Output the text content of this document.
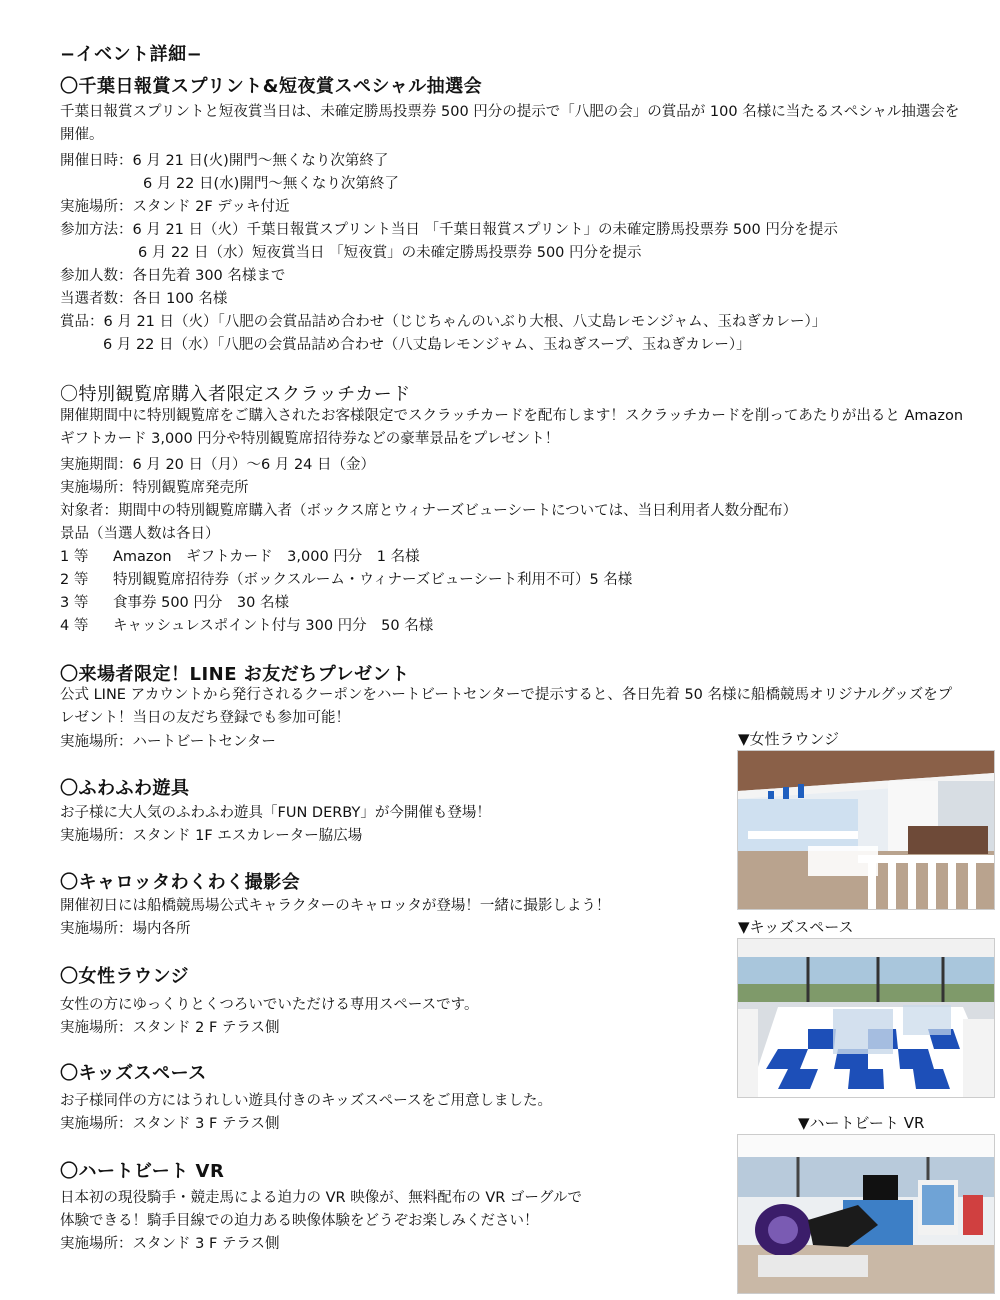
−イベント詳細−
〇千葉日報賞スプリント&短夜賞スペシャル抽選会
千葉日報賞スプリントと短夜賞当日は、未確定勝馬投票券 500 円分の提示で「八肥の会」の賞品が 100 名様に当たるスペシャル抽選会を開催。
開催日時：6 月 21 日(火)開門～無くなり次第終了
6 月 22 日(水)開門～無くなり次第終了
実施場所：スタンド 2F デッキ付近
参加方法：6 月 21 日（火）千葉日報賞スプリント当日 「千葉日報賞スプリント」の未確定勝馬投票券 500 円分を提示
6 月 22 日（水）短夜賞当日 「短夜賞」の未確定勝馬投票券 500 円分を提示
参加人数：各日先着 300 名様まで
当選者数：各日 100 名様
賞品：6 月 21 日（火）「八肥の会賞品詰め合わせ（じじちゃんのいぶり大根、八丈島レモンジャム、玉ねぎカレー）」
6 月 22 日（水）「八肥の会賞品詰め合わせ（八丈島レモンジャム、玉ねぎスープ、玉ねぎカレー）」
〇特別観覧席購入者限定スクラッチカード
開催期間中に特別観覧席をご購入されたお客様限定でスクラッチカードを配布します！スクラッチカードを削ってあたりが出ると Amazon ギフトカード 3,000 円分や特別観覧席招待券などの豪華景品をプレゼント！
実施期間：6 月 20 日（月）～6 月 24 日（金）
実施場所：特別観覧席発売所
対象者：期間中の特別観覧席購入者（ボックス席とウィナーズビューシートについては、当日利用者人数分配布）
景品（当選人数は各日）
1 等 Amazon　ギフトカード　3,000 円分　1 名様
2 等 特別観覧席招待券（ボックスルーム・ウィナーズビューシート利用不可）5 名様
3 等 食事券 500 円分　30 名様
4 等 キャッシュレスポイント付与 300 円分　50 名様
〇来場者限定！LINE お友だちプレゼント
公式 LINE アカウントから発行されるクーポンをハートビートセンターで提示すると、各日先着 50 名様に船橋競馬オリジナルグッズをプレゼント！当日の友だち登録でも参加可能！
実施場所：ハートビートセンター
〇ふわふわ遊具
お子様に大人気のふわふわ遊具「FUN DERBY」が今開催も登場！
実施場所：スタンド 1F エスカレーター脇広場
〇キャロッタわくわく撮影会
開催初日には船橋競馬場公式キャラクターのキャロッタが登場！一緒に撮影しよう！
実施場所：場内各所
〇女性ラウンジ
女性の方にゆっくりとくつろいでいただける専用スペースです。
実施場所：スタンド 2 F テラス側
〇キッズスペース
お子様同伴の方にはうれしい遊具付きのキッズスペースをご用意しました。
実施場所：スタンド 3 F テラス側
〇ハートビート VR
日本初の現役騎手・競走馬による迫力の VR 映像が、無料配布の VR ゴーグルで
体験できる！騎手目線での迫力ある映像体験をどうぞお楽しみください！
実施場所：スタンド 3 F テラス側
▼女性ラウンジ
▼キッズスペース
▼ハートビート VR
